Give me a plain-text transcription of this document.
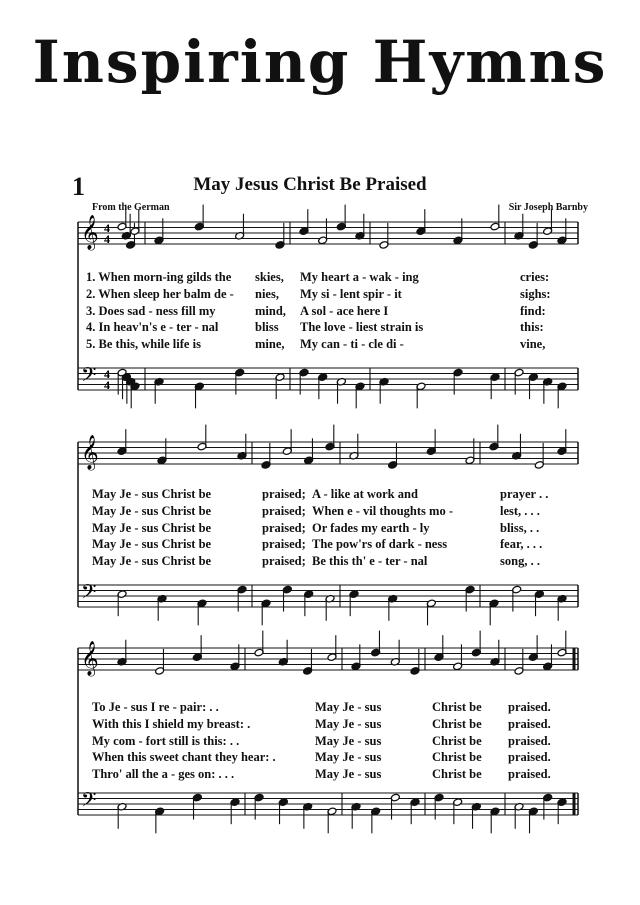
Inspiring Hymns
1	May Jesus Christ Be Praised
From the German	Sir Joseph Barnby
𝄞
𝄢
𝄞
𝄢
𝄞
𝄢
4
4
4
4
1. When morn-ing gilds the skies, My heart a - wak - ing	cries:
2. When sleep her balm de - nies, My si - lent spir - it	sighs:
3. Does sad - ness fill my	mind, A sol - ace here I	find:
4. In heav'n's e - ter - nal	bliss The love - liest strain is	this:
5. Be this, while life is	mine, My can - ti - cle di -	vine,
May Je - sus Christ be	praised; A - like at work and	prayer . .
May Je - sus Christ be	praised; When e - vil thoughts mo -	lest, . . .
May Je - sus Christ be	praised; Or fades my earth - ly	bliss, . .
May Je - sus Christ be	praised; The pow'rs of dark - ness	fear, . . .
May Je - sus Christ be	praised; Be this th' e - ter - nal	song, . .
To Je - sus I re - pair: . .	May Je - sus	Christ be praised.
With this I shield my breast: .	May Je - sus	Christ be praised.
My com - fort still is this: . .	May Je - sus	Christ be praised.
When this sweet chant they hear: .	May Je - sus	Christ be praised.
Thro' all the a - ges on: . . .	May Je - sus	Christ be praised.
